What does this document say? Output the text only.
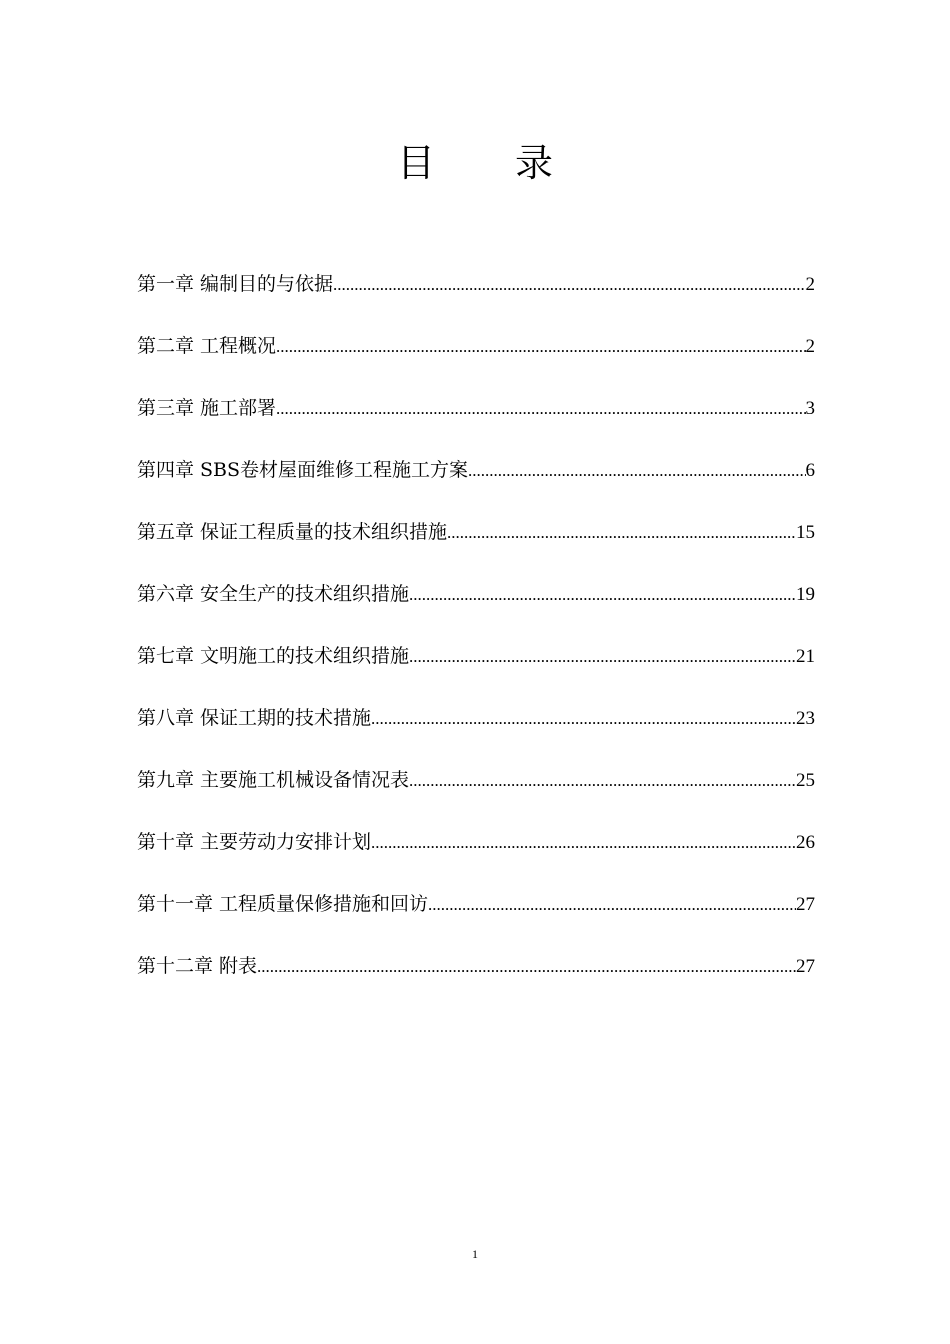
目 录
第一章 编制目的与依据 .....	2
第二章 工程概况 .....	2
第三章 施工部署 .....	3
第四章 SBS卷材屋面维修工程施工方案 .....	6
第五章 保证工程质量的技术组织措施 .....	15
第六章 安全生产的技术组织措施 .....	19
第七章 文明施工的技术组织措施 .....	21
第八章 保证工期的技术措施 .....	23
第九章 主要施工机械设备情况表 .....	25
第十章 主要劳动力安排计划 .....	26
第十一章 工程质量保修措施和回访 .....	27
第十二章 附表 .....	27
1
